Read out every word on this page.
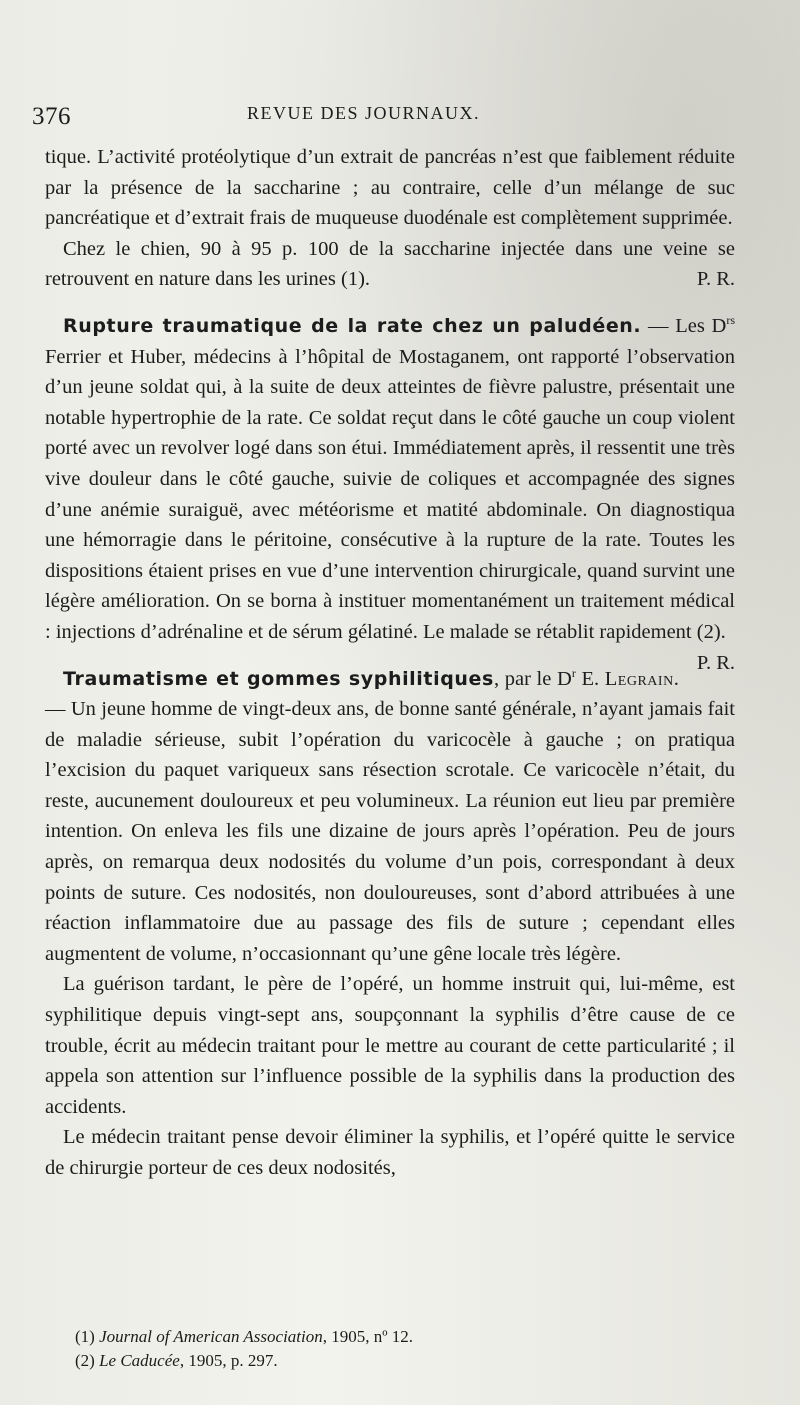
376	REVUE DES JOURNAUX.

tique. L’activité protéolytique d’un extrait de pancréas n’est que faiblement réduite par la présence de la saccharine ; au contraire, celle d’un mélange de suc pancréatique et d’extrait frais de muqueuse duodénale est complètement supprimée.

Chez le chien, 90 à 95 p. 100 de la saccharine injectée dans une veine se retrouvent en nature dans les urines (1).	P. R.

Rupture traumatique de la rate chez un paludéen. — Les $D^{rs}$ Ferrier et Huber, médecins à l’hôpital de Mostaganem, ont rapporté l’observation d’un jeune soldat qui, à la suite de deux atteintes de fièvre palustre, présentait une notable hypertrophie de la rate. Ce soldat reçut dans le côté gauche un coup violent porté avec un revolver logé dans son étui. Immédiatement après, il ressentit une très vive douleur dans le côté gauche, suivie de coliques et accompagnée des signes d’une anémie suraiguë, avec météorisme et matité abdominale. On diagnostiqua une hémorragie dans le péritoine, consécutive à la rupture de la rate. Toutes les dispositions étaient prises en vue d’une intervention chirurgicale, quand survint une légère amélioration. On se borna à instituer momentanément un traitement médical : injections d’adrénaline et de sérum gélatiné. Le malade se rétablit rapidement (2).
P. R.

Traumatisme et gommes syphilitiques, par le $D^r$ E. Legrain. — Un jeune homme de vingt-deux ans, de bonne santé générale, n’ayant jamais fait de maladie sérieuse, subit l’opération du varicocèle à gauche ; on pratiqua l’excision du paquet variqueux sans résection scrotale. Ce varicocèle n’était, du reste, aucunement douloureux et peu volumineux. La réunion eut lieu par première intention. On enleva les fils une dizaine de jours après l’opération. Peu de jours après, on remarqua deux nodosités du volume d’un pois, correspondant à deux points de suture. Ces nodosités, non douloureuses, sont d’abord attribuées à une réaction inflammatoire due au passage des fils de suture ; cependant elles augmentent de volume, n’occasionnant qu’une gêne locale très légère.

La guérison tardant, le père de l’opéré, un homme instruit qui, lui-même, est syphilitique depuis vingt-sept ans, soupçonnant la syphilis d’être cause de ce trouble, écrit au médecin traitant pour le mettre au courant de cette particularité ; il appela son attention sur l’influence possible de la syphilis dans la production des accidents.

Le médecin traitant pense devoir éliminer la syphilis, et l’opéré quitte le service de chirurgie porteur de ces deux nodosités,

(1) Journal of American Association, 1905, nº 12.

(2) Le Caducée, 1905, p. 297.
